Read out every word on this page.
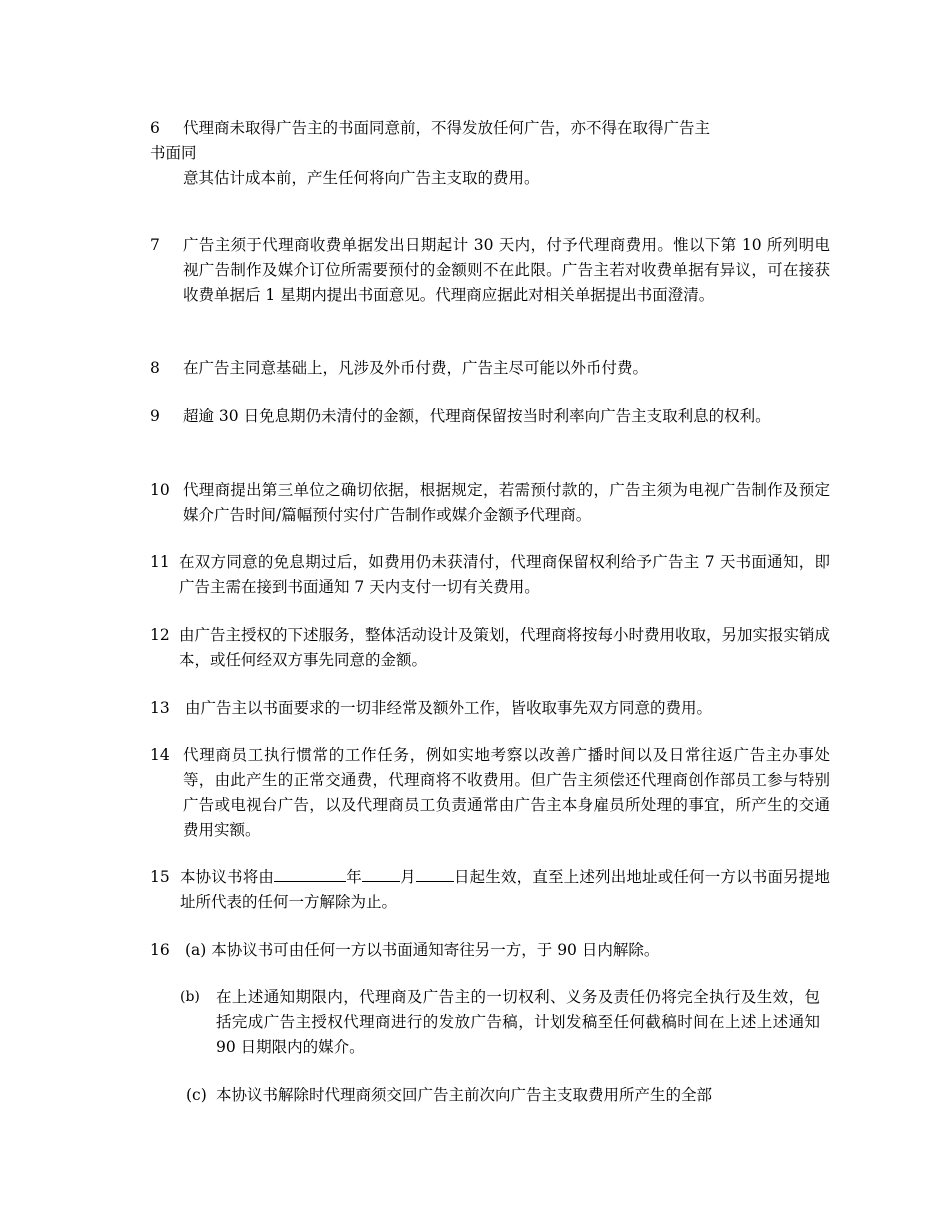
6	代理商未取得广告主的书面同意前，不得发放任何广告，亦不得在取得广告主
书面同
意其估计成本前，产生任何将向广告主支取的费用。
7	广告主须于代理商收费单据发出日期起计 30 天内，付予代理商费用。惟以下第 10 所列明电视广告制作及媒介订位所需要预付的金额则不在此限。广告主若对收费单据有异议，可在接获收费单据后 1 星期内提出书面意见。代理商应据此对相关单据提出书面澄清。
8	在广告主同意基础上，凡涉及外币付费，广告主尽可能以外币付费。
9	超逾 30 日免息期仍未清付的金额，代理商保留按当时利率向广告主支取利息的权利。
10 代理商提出第三单位之确切依据，根据规定，若需预付款的，广告主须为电视广告制作及预定媒介广告时间/篇幅预付实付广告制作或媒介金额予代理商。
11 在双方同意的免息期过后，如费用仍未获清付，代理商保留权利给予广告主 7 天书面通知，即广告主需在接到书面通知 7 天内支付一切有关费用。
12 由广告主授权的下述服务，整体活动设计及策划，代理商将按每小时费用收取，另加实报实销成本，或任何经双方事先同意的金额。
13 由广告主以书面要求的一切非经常及额外工作，皆收取事先双方同意的费用。
14 代理商员工执行惯常的工作任务，例如实地考察以改善广播时间以及日常往返广告主办事处等，由此产生的正常交通费，代理商将不收费用。但广告主须偿还代理商创作部员工参与特别广告或电视台广告，以及代理商员工负责通常由广告主本身雇员所处理的事宜，所产生的交通费用实额。
15 本协议书将由	年 月 日起生效，直至上述列出地址或任何一方以书面另提地址所代表的任何一方解除为止。
16 (a) 本协议书可由任何一方以书面通知寄往另一方，于 90 日内解除。
(b) 在上述通知期限内，代理商及广告主的一切权利、义务及责任仍将完全执行及生效，包括完成广告主授权代理商进行的发放广告稿，计划发稿至任何截稿时间在上述上述通知 90 日期限内的媒介。
(c) 本协议书解除时代理商须交回广告主前次向广告主支取费用所产生的全部
